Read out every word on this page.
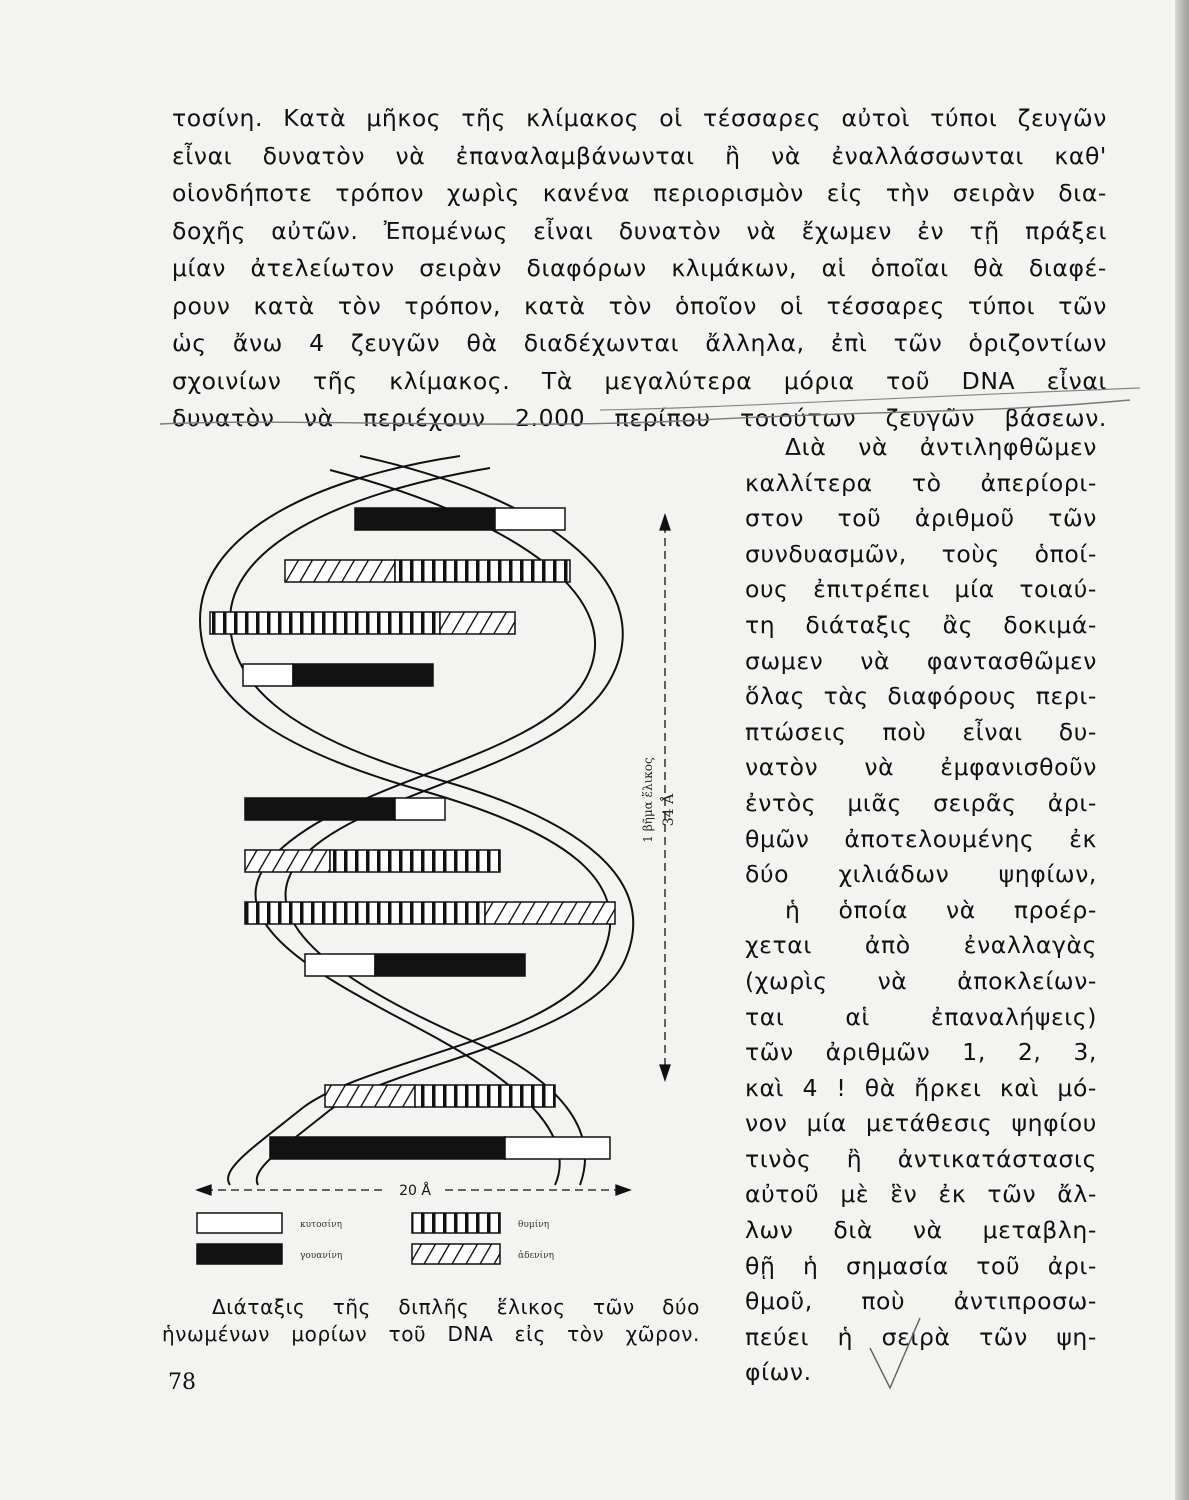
τοσίνη. Κατὰ μῆκος τῆς κλίμακος οἱ τέσσαρες αὐτοὶ τύποι ζευγῶν
εἶναι δυνατὸν νὰ ἐπαναλαμβάνωνται ἢ νὰ ἐναλλάσσωνται καθ'
οἱονδήποτε τρόπον χωρὶς κανένα περιορισμὸν εἰς τὴν σειρὰν δια-
δοχῆς αὐτῶν. Ἐπομένως εἶναι δυνατὸν νὰ ἔχωμεν ἐν τῇ πράξει
μίαν ἀτελείωτον σειρὰν διαφόρων κλιμάκων, αἱ ὁποῖαι θὰ διαφέ-
ρουν κατὰ τὸν τρόπον, κατὰ τὸν ὁποῖον οἱ τέσσαρες τύποι τῶν
ὡς ἄνω 4 ζευγῶν θὰ διαδέχωνται ἄλληλα, ἐπὶ τῶν ὁριζοντίων
σχοινίων τῆς κλίμακος. Τὰ μεγαλύτερα μόρια τοῦ DNA εἶναι
δυνατὸν νὰ περιέχουν 2.000 περίπου τοιούτων ζευγῶν βάσεων.
Διὰ νὰ ἀντιληφθῶμεν
καλλίτερα τὸ ἀπερίορι-
στον τοῦ ἀριθμοῦ τῶν
συνδυασμῶν, τοὺς ὁποί-
ους ἐπιτρέπει μία τοιαύ-
τη διάταξις ἂς δοκιμά-
σωμεν νὰ φαντασθῶμεν
ὅλας τὰς διαφόρους περι-
πτώσεις ποὺ εἶναι δυ-
νατὸν νὰ ἐμφανισθοῦν
ἐντὸς μιᾶς σειρᾶς ἀρι-
θμῶν ἀποτελουμένης ἐκ
δύο χιλιάδων ψηφίων,
ἡ ὁποία νὰ προέρ-
χεται ἀπὸ ἐναλλαγὰς
(χωρὶς νὰ ἀποκλείων-
ται αἱ ἐπαναλήψεις)
τῶν ἀριθμῶν 1, 2, 3,
καὶ 4 ! θὰ ἤρκει καὶ μό-
νον μία μετάθεσις ψηφίου
τινὸς ἢ ἀντικατάστασις
αὐτοῦ μὲ ἓν ἐκ τῶν ἄλ-
λων διὰ νὰ μεταβλη-
θῇ ἡ σημασία τοῦ ἀρι-
θμοῦ, ποὺ ἀντιπροσω-
πεύει ἡ σειρὰ τῶν ψη-
φίων.
1 βῆμα ἕλικος 34 Å
20 Å
κυτοσίνη
γουανίνη
θυμίνη
ἀδενίνη
Διάταξις τῆς διπλῆς ἕλικος τῶν δύο
ἡνωμένων μορίων τοῦ DNA εἰς τὸν χῶρον.
78
